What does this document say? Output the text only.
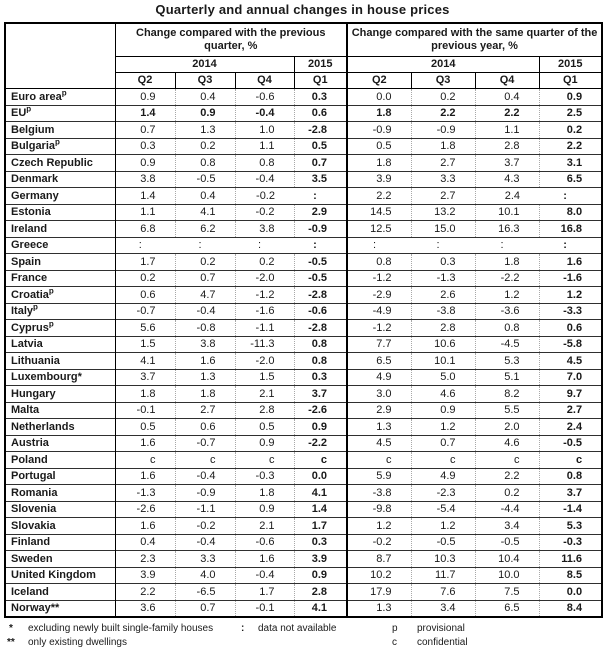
Quarterly and annual changes in house prices
	Change compared with the previous quarter, %				Change compared with the same quarter of the previous year, %			
	2014			2015	2014			2015
	Q2	Q3	Q4	Q1	Q2	Q3	Q4	Q1
Euro area$^p$	0.9	0.4	-0.6	0.3	0.0	0.2	0.4	0.9
$EU^p$	1.4	0.9	-0.4	0.6	1.8	2.2	2.2	2.5
Belgium	0.7	1.3	1.0	-2.8	-0.9	-0.9	1.1	0.2
Bulgaria$^p$	0.3	0.2	1.1	0.5	0.5	1.8	2.8	2.2
Czech Republic	0.9	0.8	0.8	0.7	1.8	2.7	3.7	3.1
Denmark	3.8	-0.5	-0.4	3.5	3.9	3.3	4.3	6.5
Germany	1.4	0.4	-0.2	:	2.2	2.7	2.4	:
Estonia	1.1	4.1	-0.2	2.9	14.5	13.2	10.1	8.0
Ireland	6.8	6.2	3.8	-0.9	12.5	15.0	16.3	16.8
Greece	:	:	:	:	:	:	:	:
Spain	1.7	0.2	0.2	-0.5	0.8	0.3	1.8	1.6
France	0.2	0.7	-2.0	-0.5	-1.2	-1.3	-2.2	-1.6
Croatia$^p$	0.6	4.7	-1.2	-2.8	-2.9	2.6	1.2	1.2
Italy$^p$	-0.7	-0.4	-1.6	-0.6	-4.9	-3.8	-3.6	-3.3
Cyprus$^p$	5.6	-0.8	-1.1	-2.8	-1.2	2.8	0.8	0.6
Latvia	1.5	3.8	-11.3	0.8	7.7	10.6	-4.5	-5.8
Lithuania	4.1	1.6	-2.0	0.8	6.5	10.1	5.3	4.5
Luxembourg*	3.7	1.3	1.5	0.3	4.9	5.0	5.1	7.0
Hungary	1.8	1.8	2.1	3.7	3.0	4.6	8.2	9.7
Malta	-0.1	2.7	2.8	-2.6	2.9	0.9	5.5	2.7
Netherlands	0.5	0.6	0.5	0.9	1.3	1.2	2.0	2.4
Austria	1.6	-0.7	0.9	-2.2	4.5	0.7	4.6	-0.5
Poland	c	c	c	c	c	c	c	c
Portugal	1.6	-0.4	-0.3	0.0	5.9	4.9	2.2	0.8
Romania	-1.3	-0.9	1.8	4.1	-3.8	-2.3	0.2	3.7
Slovenia	-2.6	-1.1	0.9	1.4	-9.8	-5.4	-4.4	-1.4
Slovakia	1.6	-0.2	2.1	1.7	1.2	1.2	3.4	5.3
Finland	0.4	-0.4	-0.6	0.3	-0.2	-0.5	-0.5	-0.3
Sweden	2.3	3.3	1.6	3.9	8.7	10.3	10.4	11.6
United Kingdom	3.9	4.0	-0.4	0.9	10.2	11.7	10.0	8.5
Iceland	2.2	-6.5	1.7	2.8	17.9	7.6	7.5	0.0
Norway**	3.6	0.7	-0.1	4.1	1.3	3.4	6.5	8.4
* excluding newly built single-family houses
** only existing dwellings
: data not available	p provisional
c confidential
